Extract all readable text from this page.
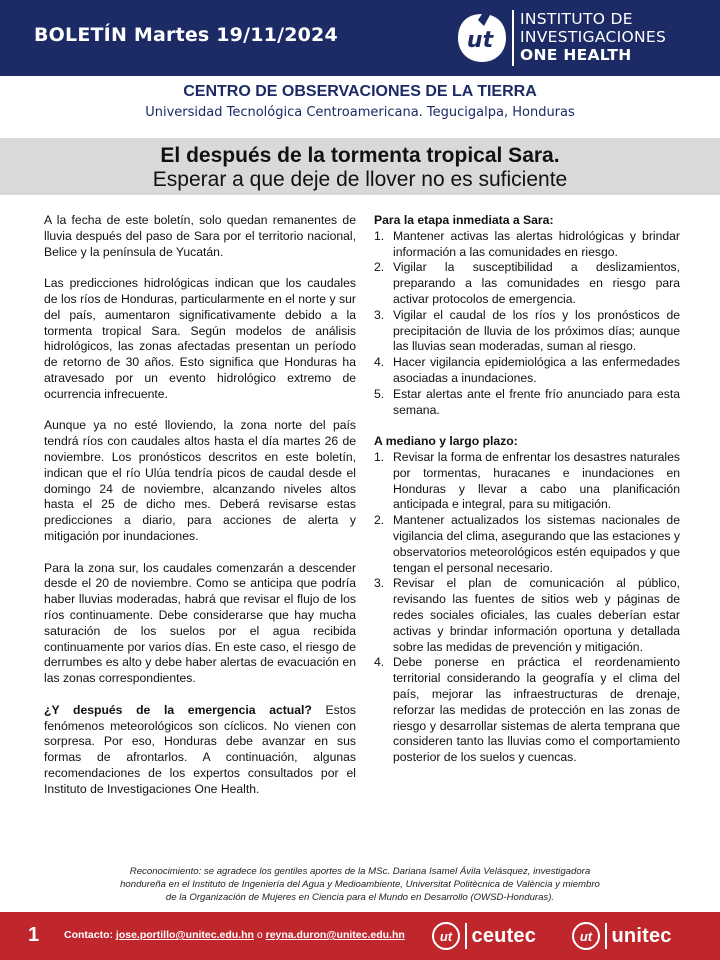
BOLETÍN Martes 19/11/2024	ut
INSTITUTO DE
INVESTIGACIONES
ONE HEALTH
CENTRO DE OBSERVACIONES DE LA TIERRA
Universidad Tecnológica Centroamericana. Tegucigalpa, Honduras
El después de la tormenta tropical Sara.
Esperar a que deje de llover no es suficiente

A la fecha de este boletín, solo quedan remanentes de lluvia después del paso de Sara por el territorio nacional, Belice y la península de Yucatán.

Las predicciones hidrológicas indican que los caudales de los ríos de Honduras, particularmente en el norte y sur del país, aumentaron significativamente debido a la tormenta tropical Sara. Según modelos de análisis hidrológicos, las zonas afectadas presentan un período de retorno de 30 años. Esto significa que Honduras ha atravesado por un evento hidrológico extremo de ocurrencia infrecuente.

Aunque ya no esté lloviendo, la zona norte del país tendrá ríos con caudales altos hasta el día martes 26 de noviembre. Los pronósticos descritos en este boletín, indican que el río Ulúa tendría picos de caudal desde el domingo 24 de noviembre, alcanzando niveles altos hasta el 25 de dicho mes. Deberá revisarse estas predicciones a diario, para acciones de alerta y mitigación por inundaciones.

Para la zona sur, los caudales comenzarán a descender desde el 20 de noviembre. Como se anticipa que podría haber lluvias moderadas, habrá que revisar el flujo de los ríos continuamente. Debe considerarse que hay mucha saturación de los suelos por el agua recibida continuamente por varios días. En este caso, el riesgo de derrumbes es alto y debe haber alertas de evacuación en las zonas correspondientes.

¿Y después de la emergencia actual? Estos fenómenos meteorológicos son cíclicos. No vienen con sorpresa. Por eso, Honduras debe avanzar en sus formas de afrontarlos. A continuación, algunas recomendaciones de los expertos consultados por el Instituto de Investigaciones One Health.

Para la etapa inmediata a Sara:
1. Mantener activas las alertas hidrológicas y brindar información a las comunidades en riesgo.
2. Vigilar la susceptibilidad a deslizamientos, preparando a las comunidades en riesgo para activar protocolos de emergencia.
3. Vigilar el caudal de los ríos y los pronósticos de precipitación de lluvia de los próximos días; aunque las lluvias sean moderadas, suman al riesgo.
4. Hacer vigilancia epidemiológica a las enfermedades asociadas a inundaciones.
5. Estar alertas ante el frente frío anunciado para esta semana.
A mediano y largo plazo:
1. Revisar la forma de enfrentar los desastres naturales por tormentas, huracanes e inundaciones en Honduras y llevar a cabo una planificación anticipada e integral, para su mitigación.
2. Mantener actualizados los sistemas nacionales de vigilancia del clima, asegurando que las estaciones y observatorios meteorológicos estén equipados y que tengan el personal necesario.
3. Revisar el plan de comunicación al público, revisando las fuentes de sitios web y páginas de redes sociales oficiales, las cuales deberían estar activas y brindar información oportuna y detallada sobre las medidas de prevención y mitigación.
4. Debe ponerse en práctica el reordenamiento territorial considerando la geografía y el clima del país, mejorar las infraestructuras de drenaje, reforzar las medidas de protección en las zonas de riesgo y desarrollar sistemas de alerta temprana que consideren tanto las lluvias como el comportamiento posterior de los suelos y cuencas.
Reconocimiento: se agradece los gentiles aportes de la MSc. Dariana Isamel Ávila Velásquez, investigadora
hondureña en el Instituto de Ingeniería del Agua y Medioambiente, Universitat Politècnica de València y miembro
de la Organización de Mujeres en Ciencia para el Mundo en Desarrollo (OWSD-Honduras).
1 Contacto: jose.portillo@unitec.edu.hn o reyna.duron@unitec.edu.hn	ut ceutec	ut unitec
